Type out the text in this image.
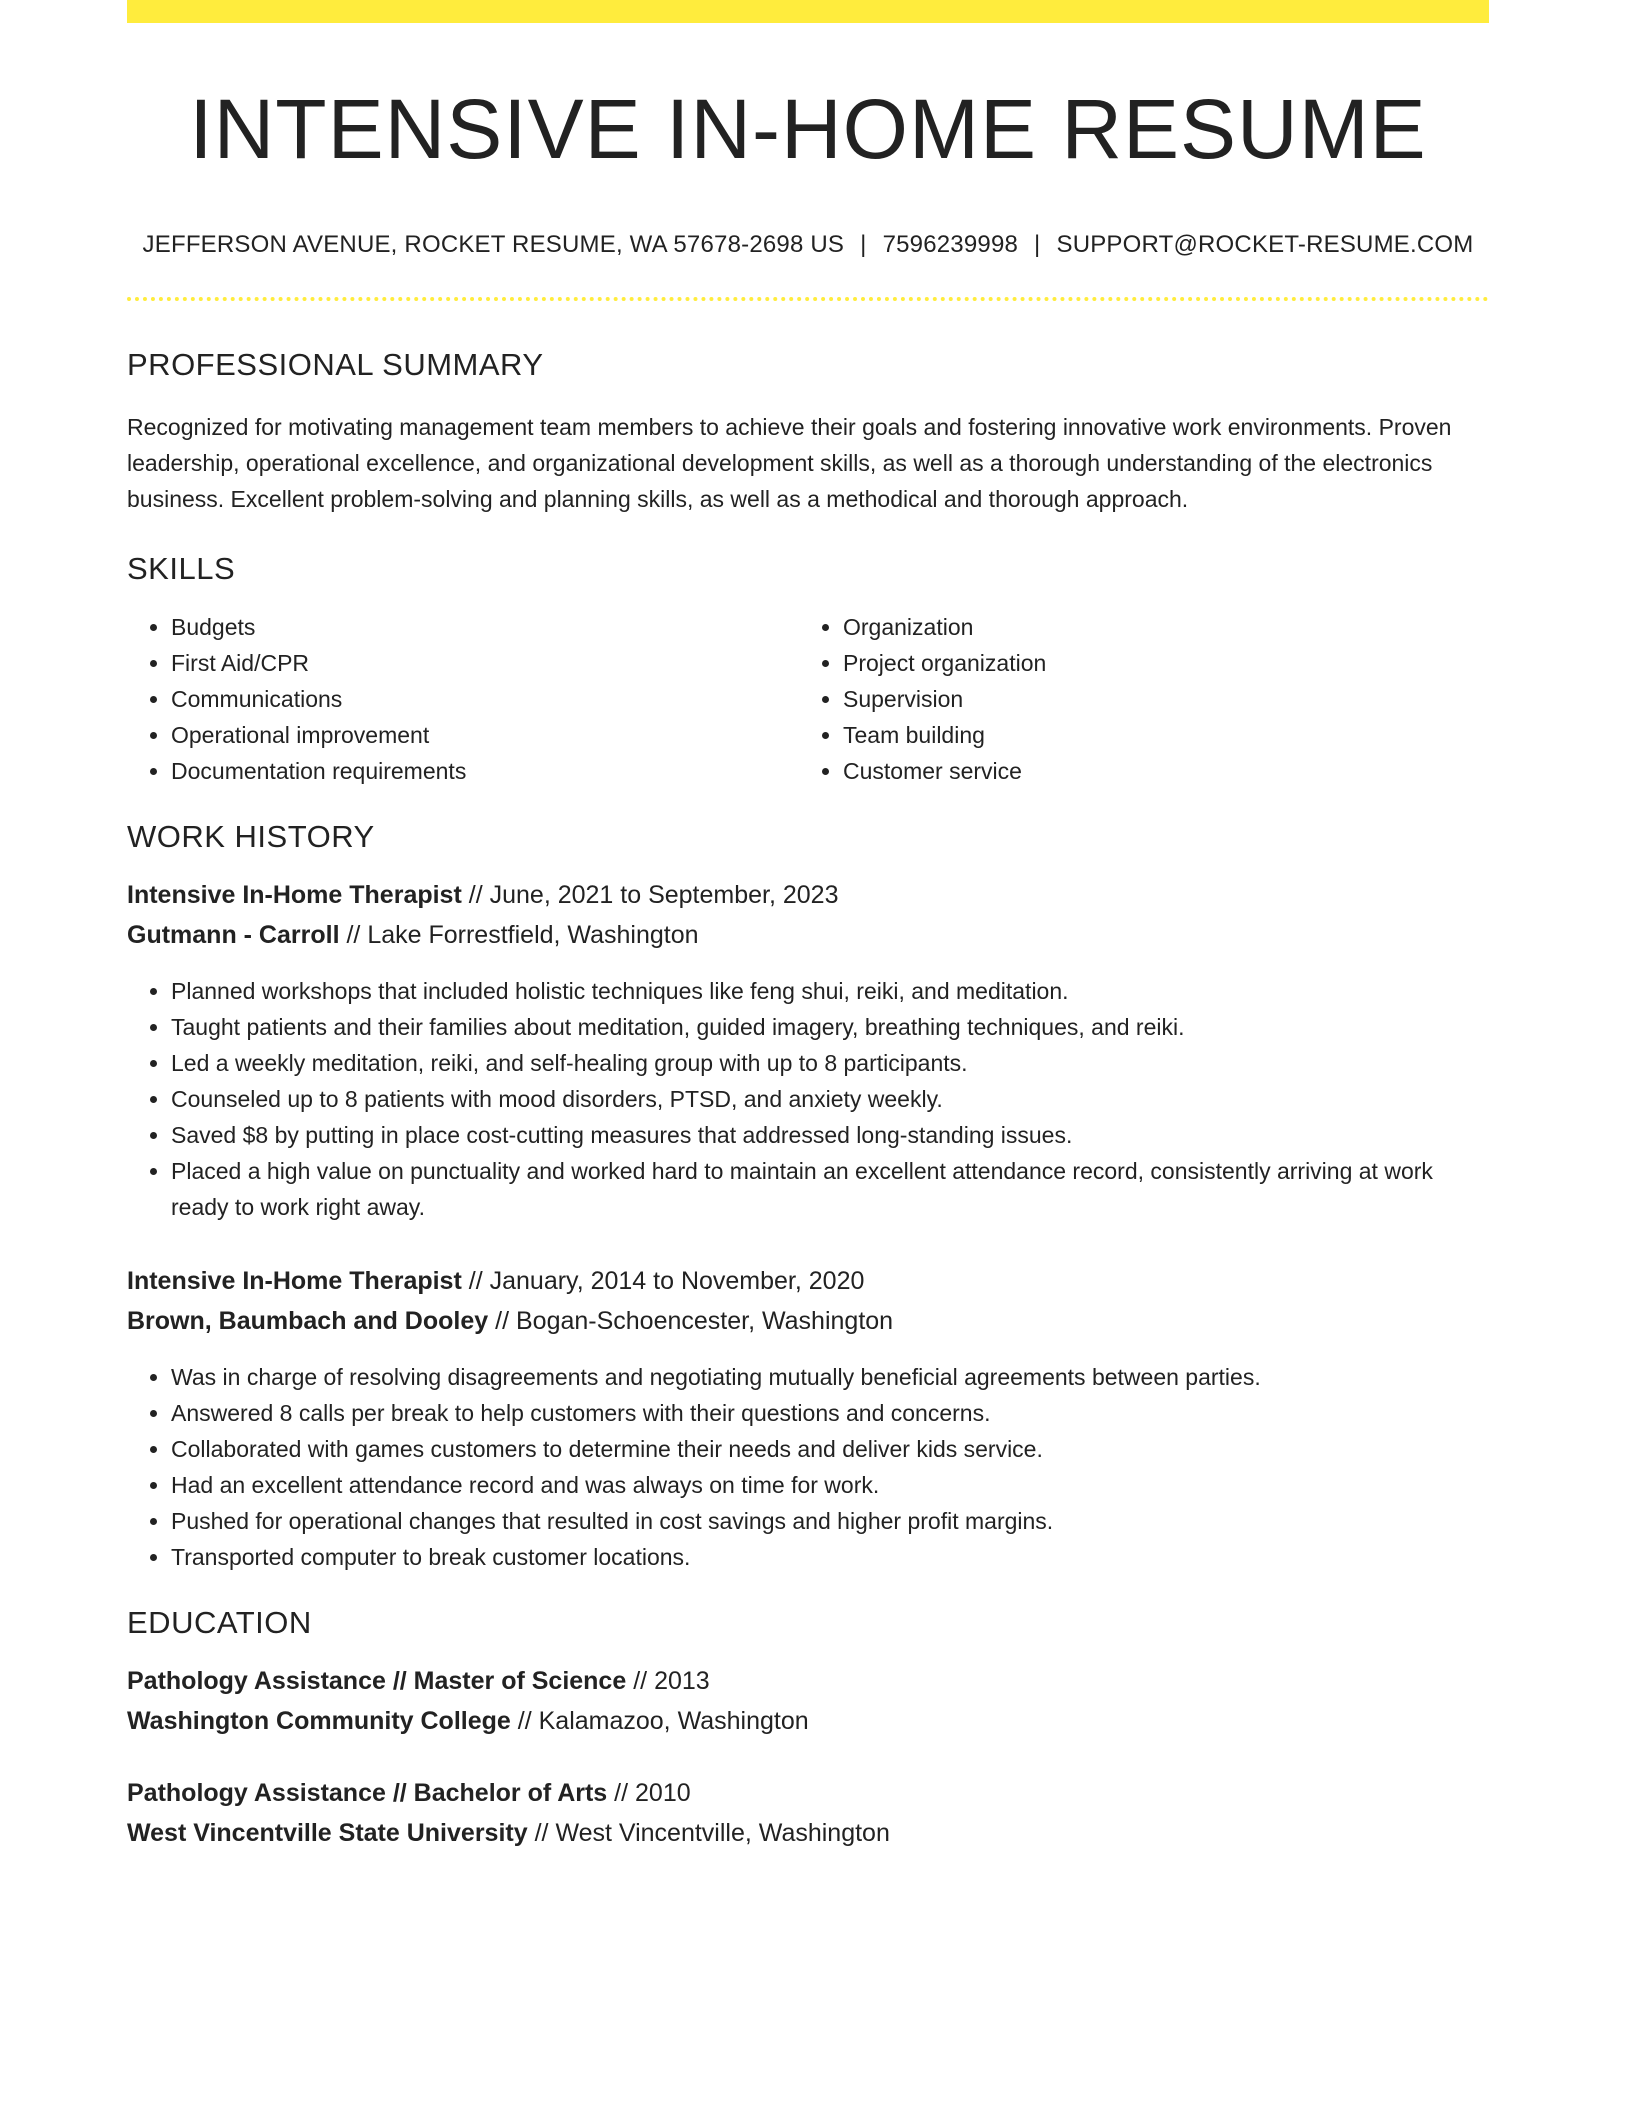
INTENSIVE IN-HOME RESUME
JEFFERSON AVENUE, ROCKET RESUME, WA 57678-2698 US | 7596239998 | SUPPORT@ROCKET-RESUME.COM
PROFESSIONAL SUMMARY

Recognized for motivating management team members to achieve their goals and fostering innovative work environments. Proven leadership, operational excellence, and organizational development skills, as well as a thorough understanding of the electronics business. Excellent problem-solving and planning skills, as well as a methodical and thorough approach.

SKILLS
• Budgets
• First Aid/CPR
• Communications
• Operational improvement
• Documentation requirements
• Organization
• Project organization
• Supervision
• Team building
• Customer service
WORK HISTORY
Intensive In-Home Therapist // June, 2021 to September, 2023
Gutmann - Carroll // Lake Forrestfield, Washington
• Planned workshops that included holistic techniques like feng shui, reiki, and meditation.
• Taught patients and their families about meditation, guided imagery, breathing techniques, and reiki.
• Led a weekly meditation, reiki, and self-healing group with up to 8 participants.
• Counseled up to 8 patients with mood disorders, PTSD, and anxiety weekly.
• Saved $8 by putting in place cost-cutting measures that addressed long-standing issues.
• Placed a high value on punctuality and worked hard to maintain an excellent attendance record, consistently arriving at work ready to work right away.
Intensive In-Home Therapist // January, 2014 to November, 2020
Brown, Baumbach and Dooley // Bogan-Schoencester, Washington
• Was in charge of resolving disagreements and negotiating mutually beneficial agreements between parties.
• Answered 8 calls per break to help customers with their questions and concerns.
• Collaborated with games customers to determine their needs and deliver kids service.
• Had an excellent attendance record and was always on time for work.
• Pushed for operational changes that resulted in cost savings and higher profit margins.
• Transported computer to break customer locations.
EDUCATION
Pathology Assistance // Master of Science // 2013
Washington Community College // Kalamazoo, Washington
Pathology Assistance // Bachelor of Arts // 2010
West Vincentville State University // West Vincentville, Washington
